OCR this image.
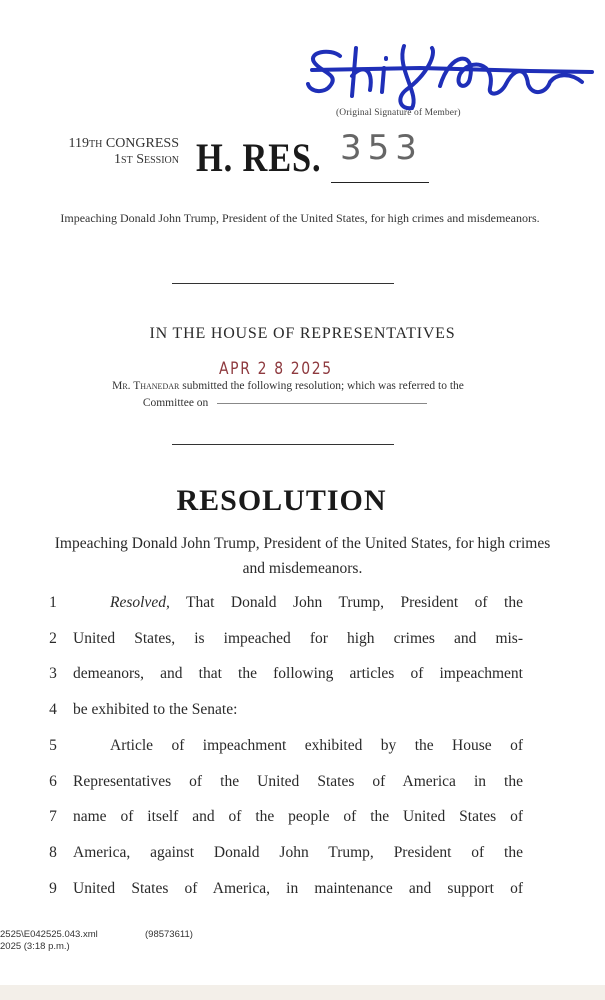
(Original Signature of Member)
119th CONGRESS
1st Session H. RES. 353
Impeaching Donald John Trump, President of the United States, for high crimes and misdemeanors.
IN THE HOUSE OF REPRESENTATIVES
APR 2 8 2025
Mr. Thanedar submitted the following resolution; which was referred to the
Committee on
RESOLUTION
Impeaching Donald John Trump, President of the United States, for high crimes and misdemeanors.
1	Resolved, That Donald John Trump, President of the
2 United States, is impeached for high crimes and mis-
3 demeanors, and that the following articles of impeachment
4 be exhibited to the Senate:
5	Article of impeachment exhibited by the House of
6 Representatives of the United States of America in the
7 name of itself and of the people of the United States of
8 America, against Donald John Trump, President of the
9 United States of America, in maintenance and support of
2525\E042525.043.xml
2025 (3:18 p.m.)
(98573611)
